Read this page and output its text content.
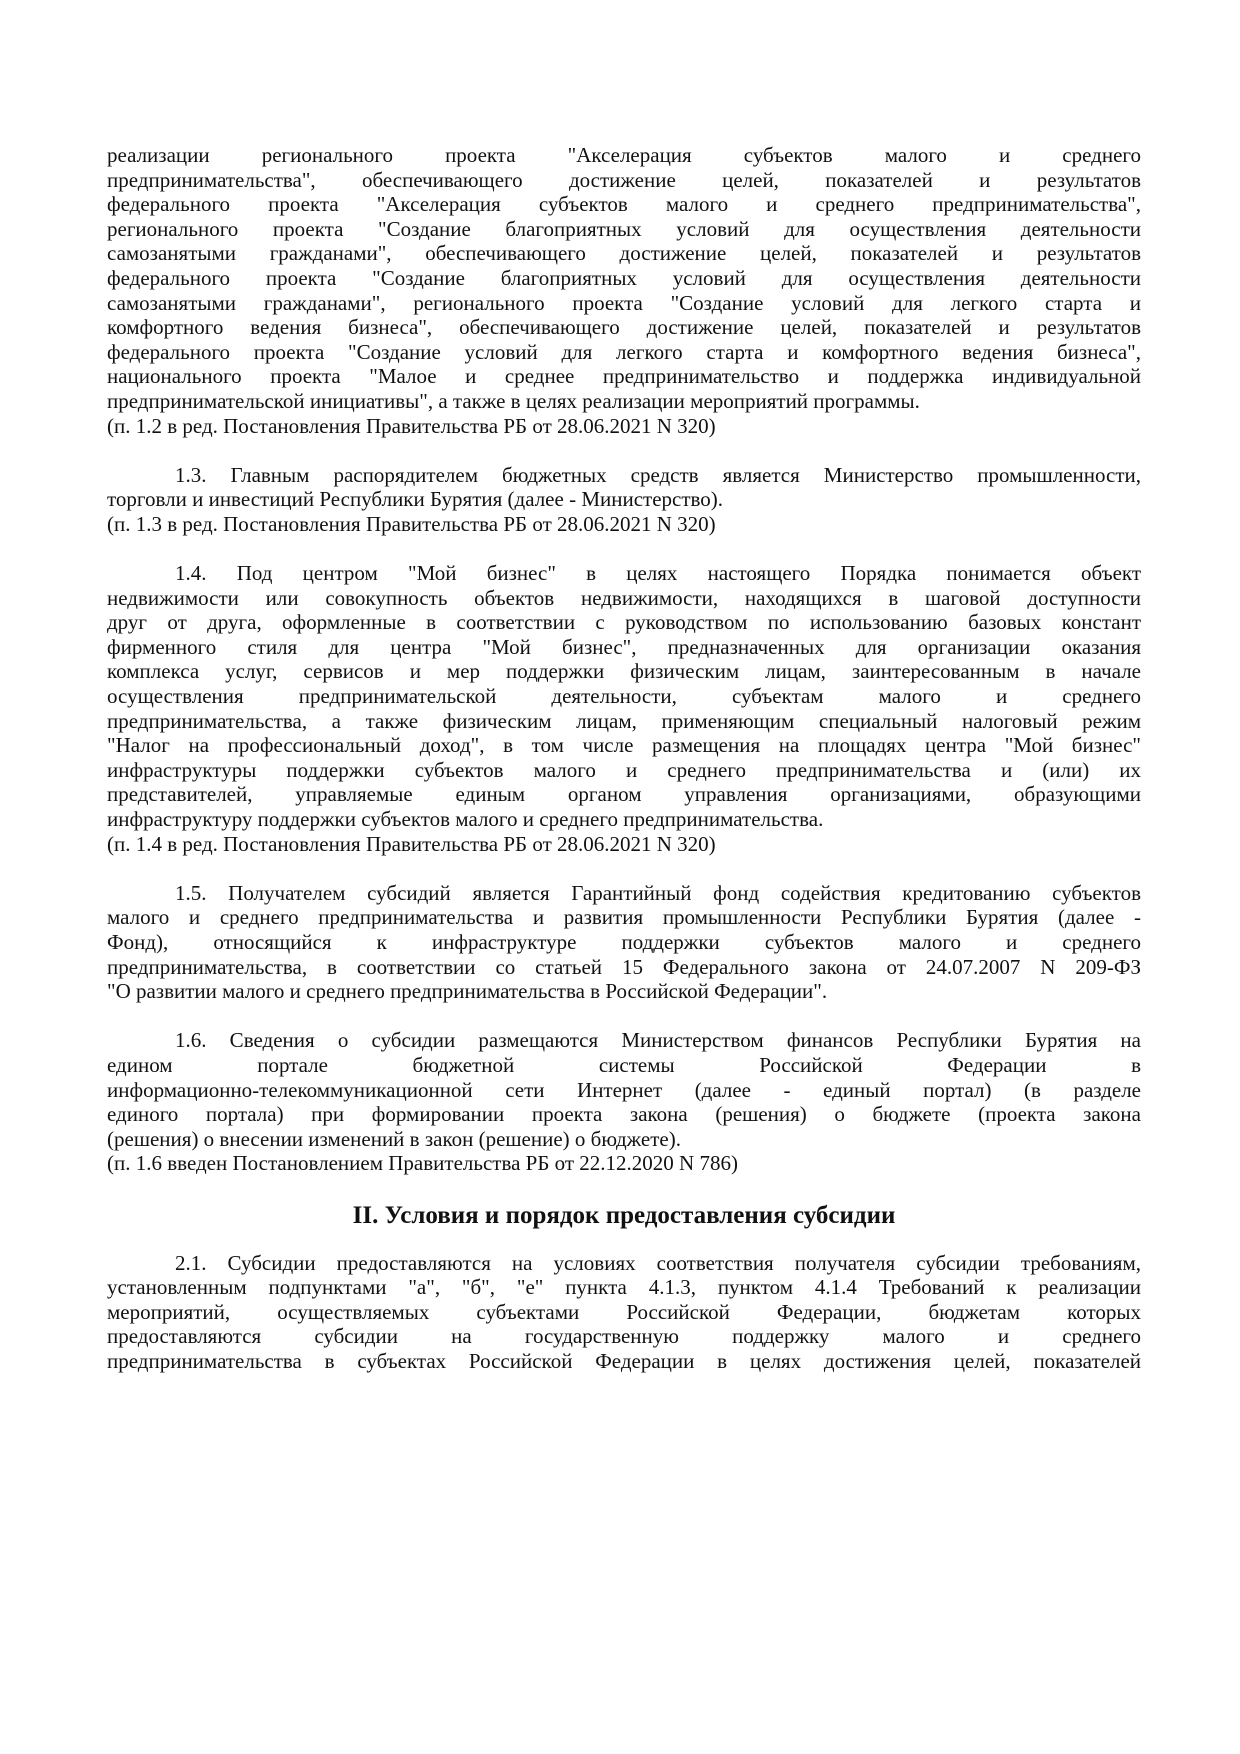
реализации региональнoго проекта "Акселерация субъектов малого и среднего
предпринимательства", обеспечивающего достижение целей, показателей и результатов
федерального проекта "Акселерация субъектов малого и среднего предпринимательства",
регионального проекта "Создание благоприятных условий для осуществления деятельности
самозанятыми гражданами", обеспечивающего достижение целей, показателей и результатов
федерального проекта "Создание благоприятных условий для осуществления деятельности
самозанятыми гражданами", регионального проекта "Создание условий для легкого старта и
комфортного ведения бизнеса", обеспечивающего достижение целей, показателей и результатов
федерального проекта "Создание условий для легкого старта и комфортного ведения бизнеса",
национального проекта "Малое и среднее предпринимательство и поддержка индивидуальной
предпринимательской инициативы", а также в целях реализации мероприятий программы.
(п. 1.2 в ред. Постановления Правительства РБ от 28.06.2021 N 320)
1.3. Главным распорядителем бюджетных средств является Министерство промышленности,
торговли и инвестиций Республики Бурятия (далее - Министерство).
(п. 1.3 в ред. Постановления Правительства РБ от 28.06.2021 N 320)
1.4. Под центром "Мой бизнес" в целях настоящего Порядка понимается объект
недвижимости или совокупность объектов недвижимости, находящихся в шаговой доступности
друг от друга, оформленные в соответствии с руководством по использованию базовых констант
фирменного стиля для центра "Мой бизнес", предназначенных для организации оказания
комплекса услуг, сервисов и мер поддержки физическим лицам, заинтересованным в начале
осуществления предпринимательской деятельности, субъектам малого и среднего
предпринимательства, а также физическим лицам, применяющим специальный налоговый режим
"Налог на профессиональный доход", в том числе размещения на площадях центра "Мой бизнес"
инфраструктуры поддержки субъектов малого и среднего предпринимательства и (или) их
представителей, управляемые единым органом управления организациями, образующими
инфраструктуру поддержки субъектов малого и среднего предпринимательства.
(п. 1.4 в ред. Постановления Правительства РБ от 28.06.2021 N 320)
1.5. Получателем субсидий является Гарантийный фонд содействия кредитованию субъектов
малого и среднего предпринимательства и развития промышленности Республики Бурятия (далее -
Фонд), относящийся к инфраструктуре поддержки субъектов малого и среднего
предпринимательства, в соответствии со статьей 15 Федерального закона от 24.07.2007 N 209-ФЗ
"О развитии малого и среднего предпринимательства в Российской Федерации".
1.6. Сведения о субсидии размещаются Министерством финансов Республики Бурятия на
едином портале бюджетной системы Российской Федерации в
информационно-телекоммуникационной сети Интернет (далее - единый портал) (в разделе
единого портала) при формировании проекта закона (решения) о бюджете (проекта закона
(решения) о внесении изменений в закон (решение) о бюджете).
(п. 1.6 введен Постановлением Правительства РБ от 22.12.2020 N 786)
II. Условия и порядок предоставления субсидии
2.1. Субсидии предоставляются на условиях соответствия получателя субсидии требованиям,
установленным подпунктами "а", "б", "е" пункта 4.1.3, пунктом 4.1.4 Требований к реализации
мероприятий, осуществляемых субъектами Российской Федерации, бюджетам которых
предоставляются субсидии на государственную поддержку малого и среднего
предпринимательства в субъектах Российской Федерации в целях достижения целей, показателей
